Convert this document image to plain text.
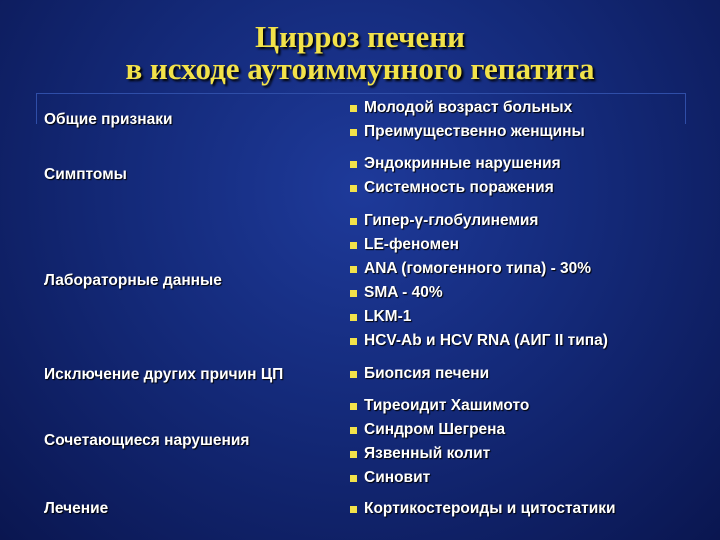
Цирроз печени
в исходе аутоиммунного гепатита
Общие признаки
Молодой возраст больных
Преимущественно женщины
Симптомы
Эндокринные нарушения
Системность поражения
Лабораторные данные
Гипер-γ-глобулинемия
LE-феномен
ANA (гомогенного типа) - 30%
SMA - 40%
LKM-1
HCV-Ab и HCV RNA (АИГ II типа)
Исключение других причин ЦП	Биопсия печени
Сочетающиеся нарушения
Тиреоидит Хашимото
Синдром Шегрена
Язвенный колит
Синовит
Лечение	Кортикостероиды и цитостатики
